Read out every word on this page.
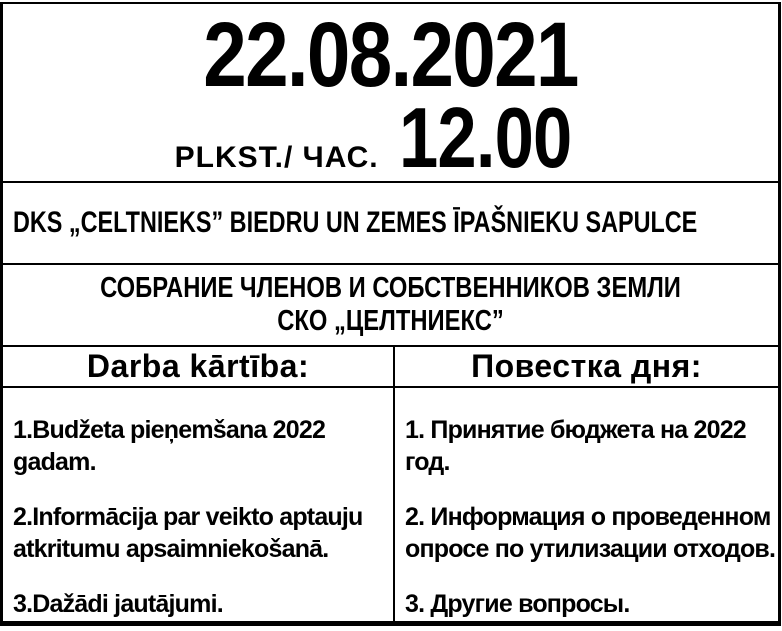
22.08.2021
PLKST./ ЧАС. 12.00
DKS „CELTNIEKS” BIEDRU UN ZEMES ĪPAŠNIEKU SAPULCE
СОБРАНИЕ ЧЛЕНОВ И СОБСТВЕННИКОВ ЗЕМЛИ
СКО „ЦЕЛТНИЕКС”
Darba kārtība:	Повестка дня:

1.Budžeta pieņemšana 2022 gadam.

2.Informācija par veikto aptauju atkritumu apsaimniekošanā.

3.Dažādi jautājumi.

1. Принятие бюджета на 2022 год.

2. Информация о проведенном опросе по утилизации отходов.

3. Другие вопросы.
